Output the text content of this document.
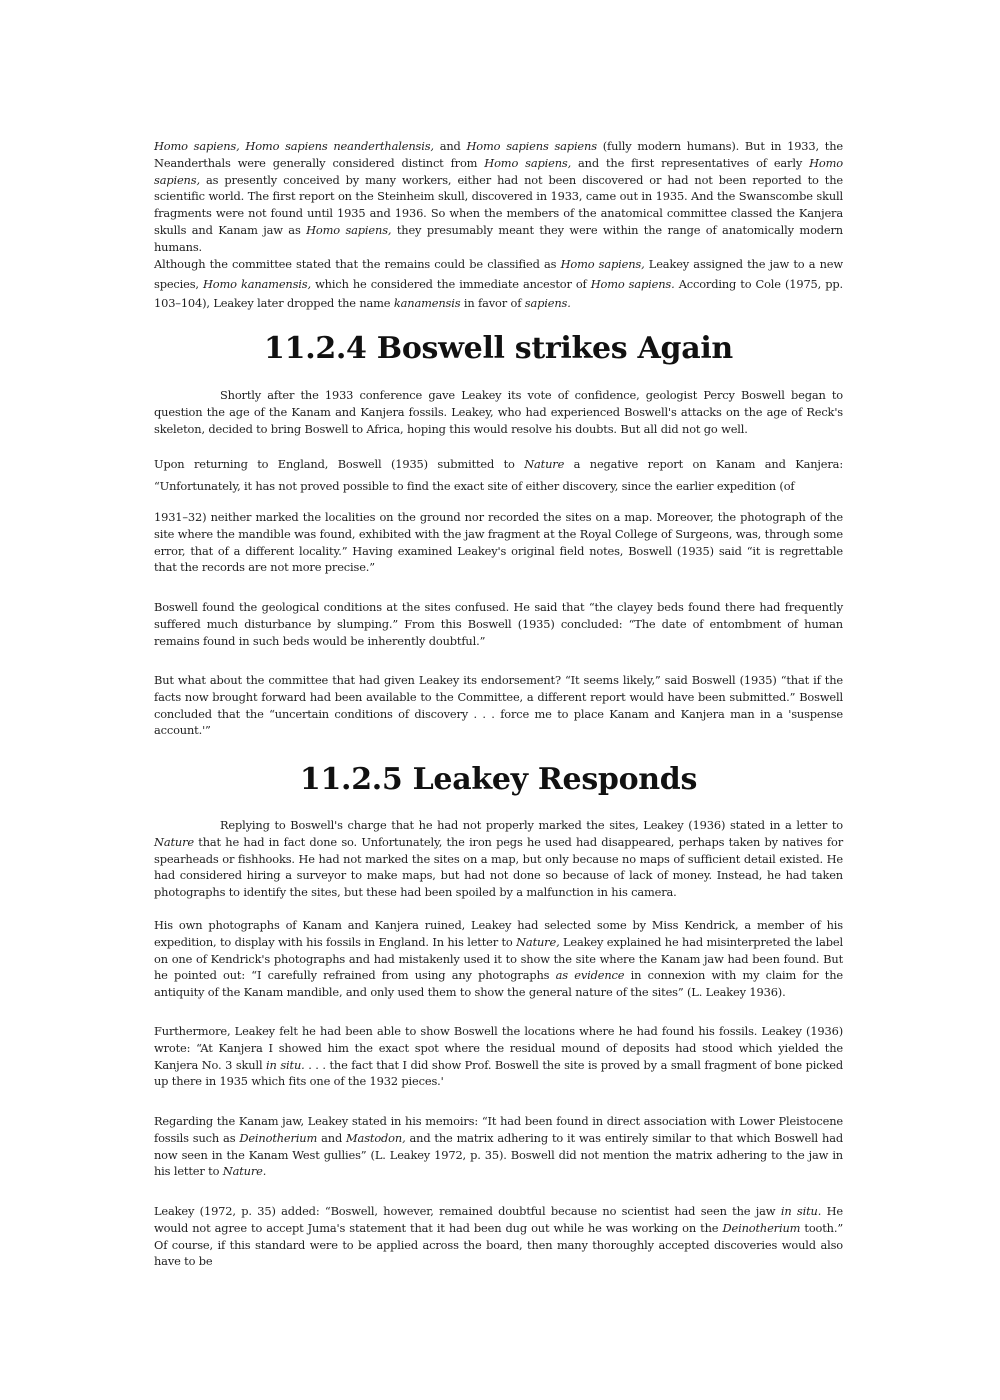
Homo sapiens, Homo sapiens neanderthalensis, and Homo sapiens sapiens (fully modern humans). But in 1933, the Neanderthals were generally considered distinct from Homo sapiens, and the first representatives of early Homo sapiens, as presently conceived by many workers, either had not been discovered or had not been reported to the scientific world. The first report on the Steinheim skull, discovered in 1933, came out in 1935. And the Swanscombe skull fragments were not found until 1935 and 1936. So when the members of the anatomical committee classed the Kanjera skulls and Kanam jaw as Homo sapiens, they presumably meant they were within the range of anatomically modern humans.

Although the committee stated that the remains could be classified as Homo sapiens, Leakey assigned the jaw to a new species, Homo kanamensis, which he considered the immediate ancestor of Homo sapiens. According to Cole (1975, pp. 103–104), Leakey later dropped the name kanamensis in favor of sapiens.

11.2.4 Boswell strikes Again

Shortly after the 1933 conference gave Leakey its vote of confidence, geologist Percy Boswell began to question the age of the Kanam and Kanjera fossils. Leakey, who had experienced Boswell's attacks on the age of Reck's skeleton, decided to bring Boswell to Africa, hoping this would resolve his doubts. But all did not go well.

Upon returning to England, Boswell (1935) submitted to Nature a negative report on Kanam and Kanjera: “Unfortunately, it has not proved possible to find the exact site of either discovery, since the earlier expedition (of

1931–32) neither marked the localities on the ground nor recorded the sites on a map. Moreover, the photograph of the site where the mandible was found, exhibited with the jaw fragment at the Royal College of Surgeons, was, through some error, that of a different locality.” Having examined Leakey's original field notes, Boswell (1935) said “it is regrettable that the records are not more precise.”

Boswell found the geological conditions at the sites confused. He said that “the clayey beds found there had frequently suffered much disturbance by slumping.” From this Boswell (1935) concluded: “The date of entombment of human remains found in such beds would be inherently doubtful.”

But what about the committee that had given Leakey its endorsement? “It seems likely,” said Boswell (1935) “that if the facts now brought forward had been available to the Committee, a different report would have been submitted.” Boswell concluded that the “uncertain conditions of discovery . . . force me to place Kanam and Kanjera man in a 'suspense account.'”

11.2.5 Leakey Responds

Replying to Boswell's charge that he had not properly marked the sites, Leakey (1936) stated in a letter to Nature that he had in fact done so. Unfortunately, the iron pegs he used had disappeared, perhaps taken by natives for spearheads or fishhooks. He had not marked the sites on a map, but only because no maps of sufficient detail existed. He had considered hiring a surveyor to make maps, but had not done so because of lack of money. Instead, he had taken photographs to identify the sites, but these had been spoiled by a malfunction in his camera.

His own photographs of Kanam and Kanjera ruined, Leakey had selected some by Miss Kendrick, a member of his expedition, to display with his fossils in England. In his letter to Nature, Leakey explained he had misinterpreted the label on one of Kendrick's photographs and had mistakenly used it to show the site where the Kanam jaw had been found. But he pointed out: “I carefully refrained from using any photographs as evidence in connexion with my claim for the antiquity of the Kanam mandible, and only used them to show the general nature of the sites” (L. Leakey 1936).

Furthermore, Leakey felt he had been able to show Boswell the locations where he had found his fossils. Leakey (1936) wrote: “At Kanjera I showed him the exact spot where the residual mound of deposits had stood which yielded the Kanjera No. 3 skull in situ. . . . the fact that I did show Prof. Boswell the site is proved by a small fragment of bone picked up there in 1935 which fits one of the 1932 pieces.'

Regarding the Kanam jaw, Leakey stated in his memoirs: “It had been found in direct association with Lower Pleistocene fossils such as Deinotherium and Mastodon, and the matrix adhering to it was entirely similar to that which Boswell had now seen in the Kanam West gullies” (L. Leakey 1972, p. 35). Boswell did not mention the matrix adhering to the jaw in his letter to Nature.

Leakey (1972, p. 35) added: “Boswell, however, remained doubtful because no scientist had seen the jaw in situ. He would not agree to accept Juma's statement that it had been dug out while he was working on the Deinotherium tooth.” Of course, if this standard were to be applied across the board, then many thoroughly accepted discoveries would also have to be
